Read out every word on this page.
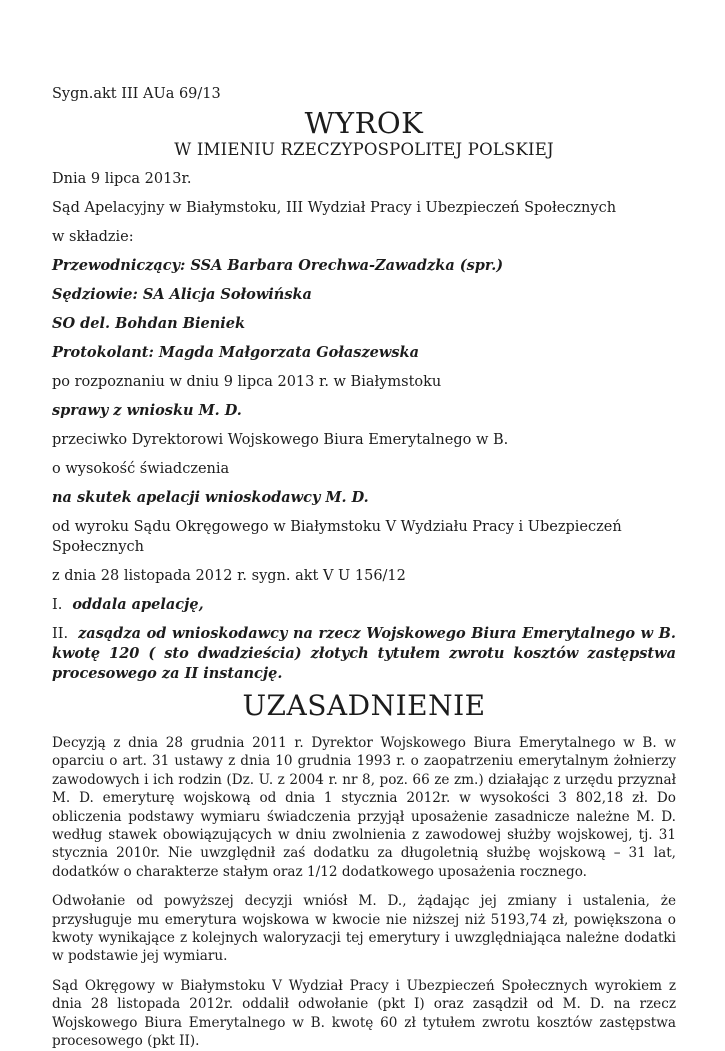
Sygn.akt III AUa 69/13

WYROK
W IMIENIU RZECZYPOSPOLITEJ POLSKIEJ

Dnia 9 lipca 2013r.

Sąd Apelacyjny w Białymstoku, III Wydział Pracy i Ubezpieczeń Społecznych

w składzie:

Przewodniczący: SSA Barbara Orechwa-Zawadzka (spr.)

Sędziowie: SA Alicja Sołowińska

SO del. Bohdan Bieniek

Protokolant: Magda Małgorzata Gołaszewska

po rozpoznaniu w dniu 9 lipca 2013 r. w Białymstoku

sprawy z wniosku M. D.

przeciwko Dyrektorowi Wojskowego Biura Emerytalnego w B.

o wysokość świadczenia

na skutek apelacji wnioskodawcy M. D.

od wyroku Sądu Okręgowego w Białymstoku V Wydziału Pracy i Ubezpieczeń Społecznych

z dnia 28 listopada 2012 r. sygn. akt V U 156/12

I. oddala apelację,

II. zasądza od wnioskodawcy na rzecz Wojskowego Biura Emerytalnego w B. kwotę 120 ( sto dwadzieścia) złotych tytułem zwrotu kosztów zastępstwa procesowego za II instancję.

UZASADNIENIE

Decyzją z dnia 28 grudnia 2011 r. Dyrektor Wojskowego Biura Emerytalnego w B. w oparciu o art. 31 ustawy z dnia 10 grudnia 1993 r. o zaopatrzeniu emerytalnym żołnierzy zawodowych i ich rodzin (Dz. U. z 2004 r. nr 8, poz. 66 ze zm.) działając z urzędu przyznał M. D. emeryturę wojskową od dnia 1 stycznia 2012r. w wysokości 3 802,18 zł. Do obliczenia podstawy wymiaru świadczenia przyjął uposażenie zasadnicze należne M. D. według stawek obowiązujących w dniu zwolnienia z zawodowej służby wojskowej, tj. 31 stycznia 2010r. Nie uwzględnił zaś dodatku za długoletnią służbę wojskową – 31 lat, dodatków o charakterze stałym oraz 1/12 dodatkowego uposażenia rocznego.

Odwołanie od powyższej decyzji wniósł M. D., żądając jej zmiany i ustalenia, że przysługuje mu emerytura wojskowa w kwocie nie niższej niż 5193,74 zł, powiększona o kwoty wynikające z kolejnych waloryzacji tej emerytury i uwzględniająca należne dodatki w podstawie jej wymiaru.

Sąd Okręgowy w Białymstoku V Wydział Pracy i Ubezpieczeń Społecznych wyrokiem z dnia 28 listopada 2012r. oddalił odwołanie (pkt I) oraz zasądził od M. D. na rzecz Wojskowego Biura Emerytalnego w B. kwotę 60 zł tytułem zwrotu kosztów zastępstwa procesowego (pkt II).
